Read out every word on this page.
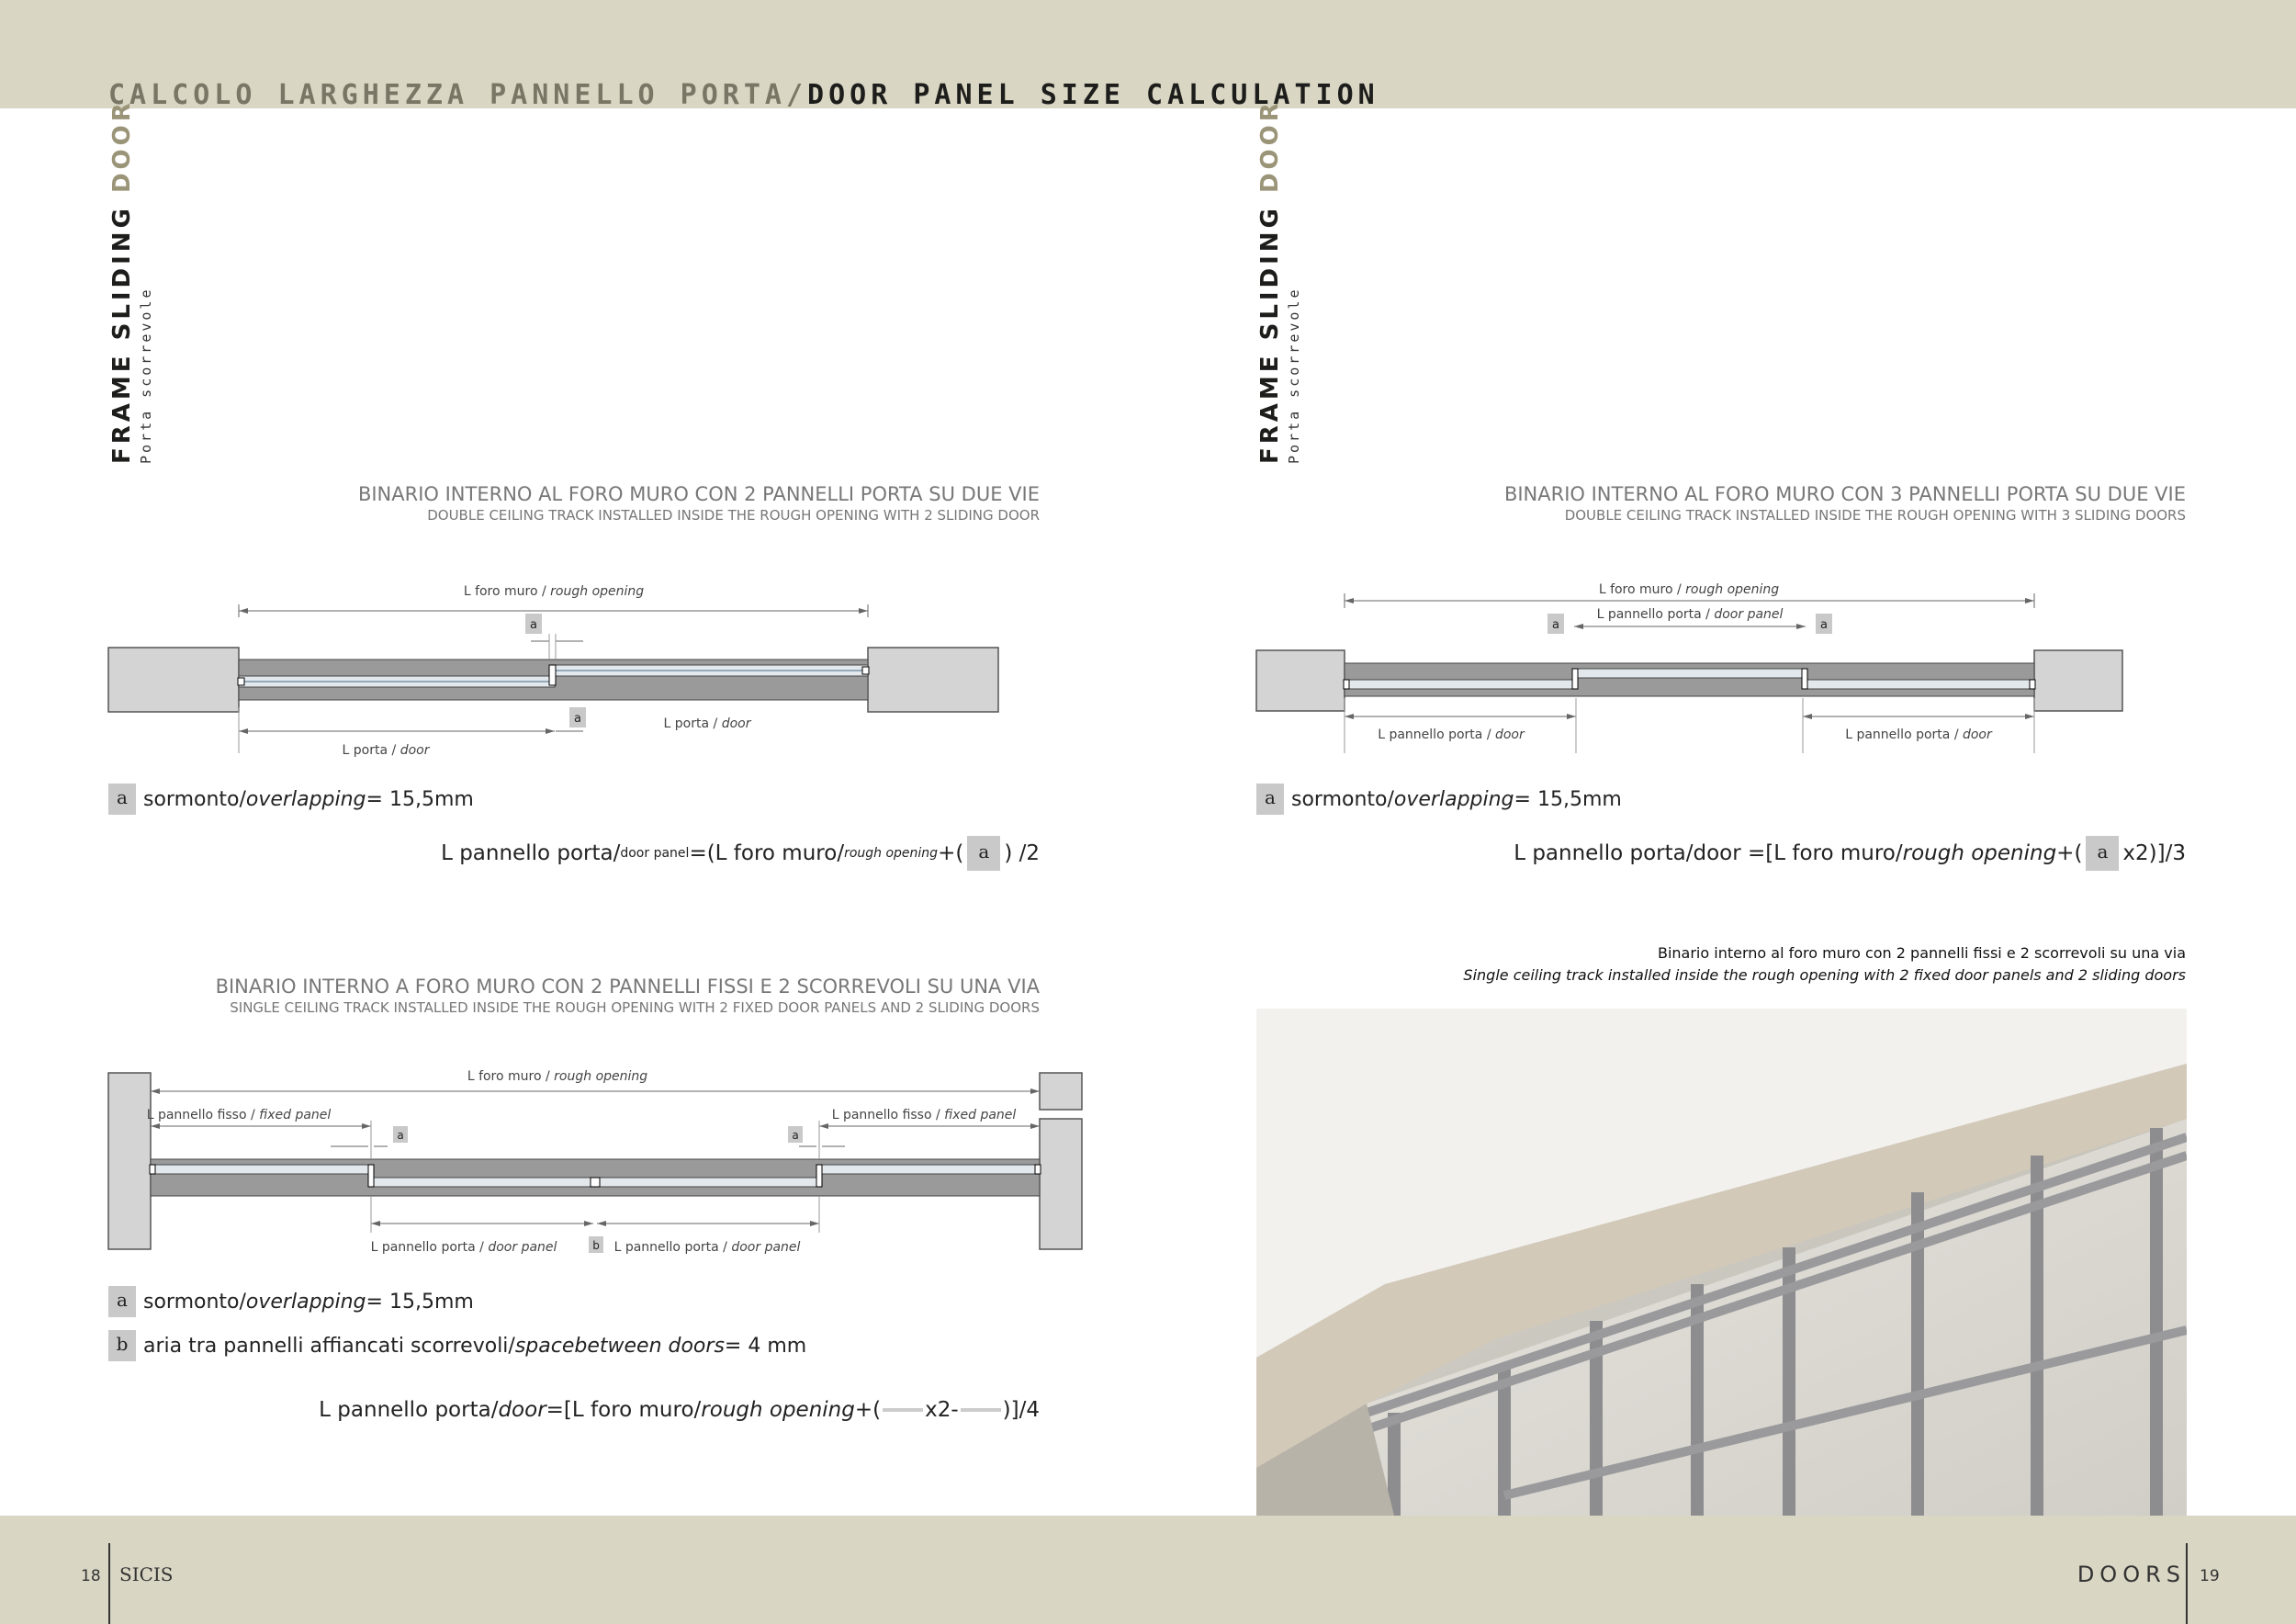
CALCOLO LARGHEZZA PANNELLO PORTA/DOOR PANEL SIZE CALCULATION
FRAME SLIDING DOOR
Porta scorrevole	FRAME SLIDING DOOR
Porta scorrevole
BINARIO INTERNO AL FORO MURO CON 2 PANNELLI PORTA SU DUE VIE
DOUBLE CEILING TRACK INSTALLED INSIDE THE ROUGH OPENING WITH 2 SLIDING DOOR
L foro muro / rough opening
a
a
L porta / door
L porta / door
a sormonto/ overlapping = 15,5mm
L pannello porta/ door panel =(L foro muro/ rough opening +( a ) /2
BINARIO INTERNO AL FORO MURO CON 3 PANNELLI PORTA SU DUE VIE
DOUBLE CEILING TRACK INSTALLED INSIDE THE ROUGH OPENING WITH 3 SLIDING DOORS
L foro muro / rough opening
L pannello porta / door panel
a	a
L pannello porta / door	L pannello porta / door
a sormonto/ overlapping = 15,5mm
L pannello porta/door =[L foro muro/ rough opening +( a x2)]/3
BINARIO INTERNO A FORO MURO CON 2 PANNELLI FISSI E 2 SCORREVOLI SU UNA VIA
SINGLE CEILING TRACK INSTALLED INSIDE THE ROUGH OPENING WITH 2 FIXED DOOR PANELS AND 2 SLIDING DOORS
L foro muro / rough opening
L pannello fisso / fixed panel	L pannello fisso / fixed panel
a	a
L pannello porta / door panel	b L pannello porta / door panel
a sormonto/ overlapping = 15,5mm
b aria tra pannelli affiancati scorrevoli/ spacebetween doors = 4 mm
L pannello porta/ door =[L foro muro/ rough opening +( x2- )]/4
Binario interno al foro muro con 2 pannelli fissi e 2 scorrevoli su una via
Single ceiling track installed inside the rough opening with 2 fixed door panels and 2 sliding doors
18 SICIS	DOORS 19
